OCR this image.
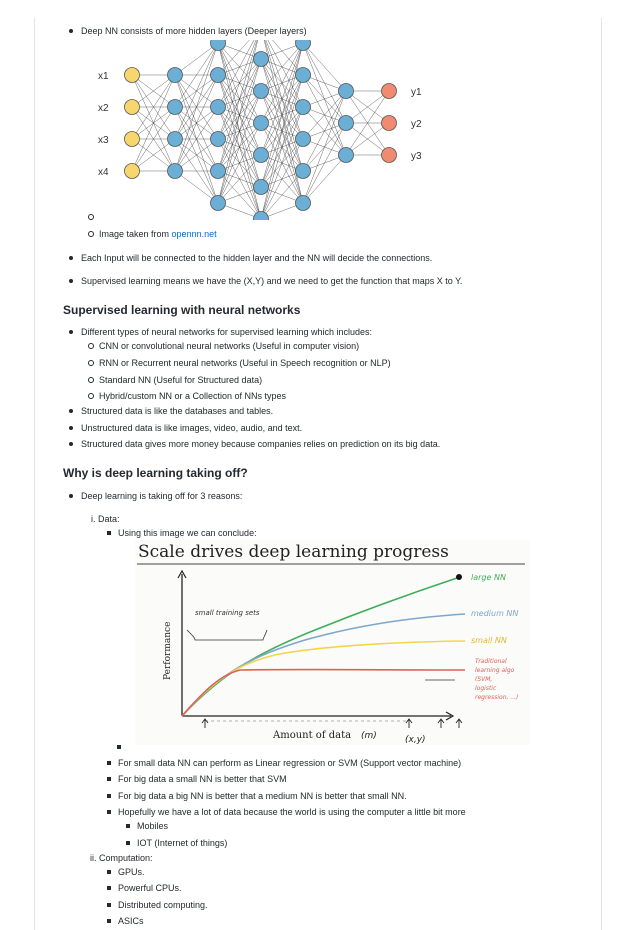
Deep NN consists of more hidden layers (Deeper layers)
x1
x2
x3
x4
y1
y2
y3
Image taken from opennn.net
Each Input will be connected to the hidden layer and the NN will decide the connections.
Supervised learning means we have the (X,Y) and we need to get the function that maps X to Y.
Supervised learning with neural networks
Different types of neural networks for supervised learning which includes:
CNN or convolutional neural networks (Useful in computer vision)
RNN or Recurrent neural networks (Useful in Speech recognition or NLP)
Standard NN (Useful for Structured data)
Hybrid/custom NN or a Collection of NNs types
Structured data is like the databases and tables.
Unstructured data is like images, video, audio, and text.
Structured data gives more money because companies relies on prediction on its big data.
Why is deep learning taking off?
Deep learning is taking off for 3 reasons:
i. Data:
Using this image we can conclude:
Scale drives deep learning progress
large NN
medium NN
small NN
Traditional learning algo (SVM, logistic regression, ...)
small training sets
Performance
Amount of data (m)	(x,y)
For small data NN can perform as Linear regression or SVM (Support vector machine)
For big data a small NN is better that SVM
For big data a big NN is better that a medium NN is better that small NN.
Hopefully we have a lot of data because the world is using the computer a little bit more
Mobiles
IOT (Internet of things)
ii. Computation:
GPUs.
Powerful CPUs.
Distributed computing.
ASICs
